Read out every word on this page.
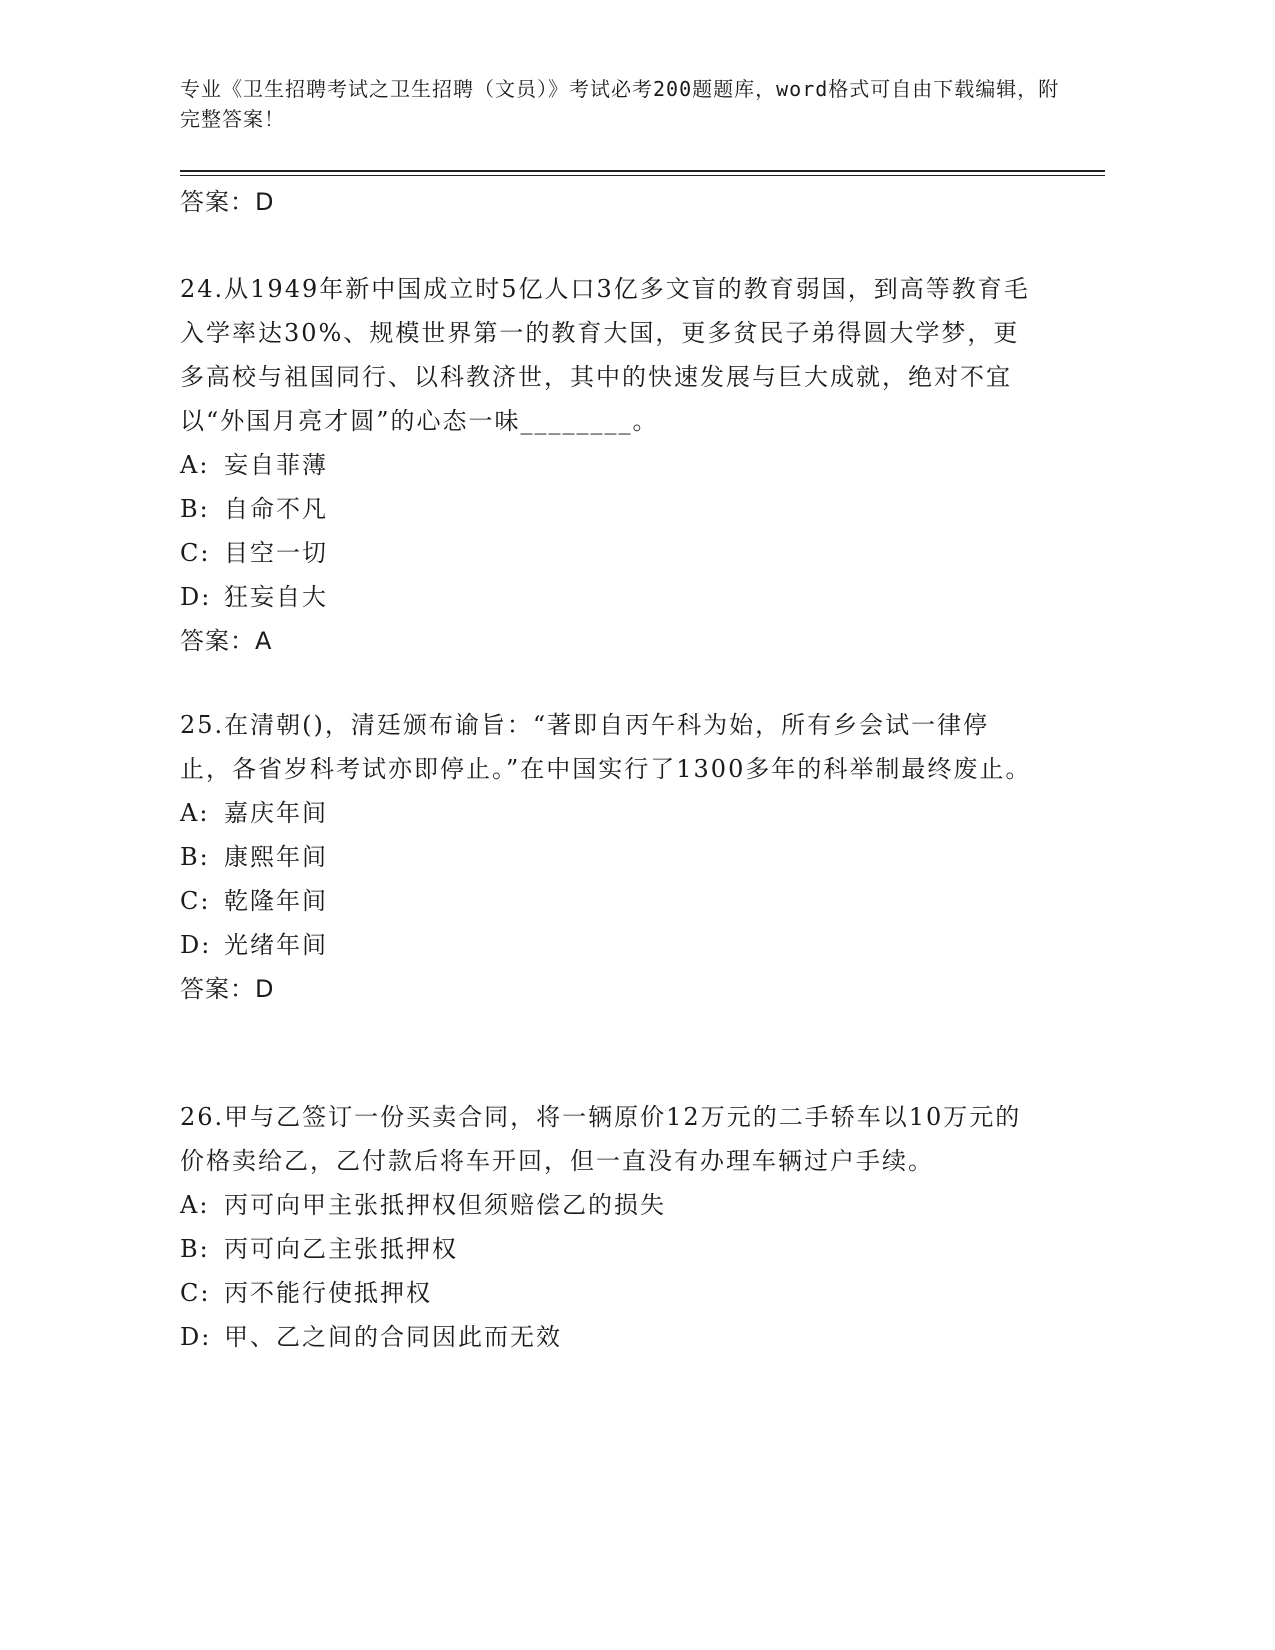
专业《卫生招聘考试之卫生招聘（文员）》考试必考200题题库，word格式可自由下载编辑，附完整答案！
答案：D

24.从1949年新中国成立时5亿人口3亿多文盲的教育弱国，到高等教育毛入学率达30%、规模世界第一的教育大国，更多贫民子弟得圆大学梦，更多高校与祖国同行、以科教济世，其中的快速发展与巨大成就，绝对不宜以“外国月亮才圆”的心态一味________。

A: 妄自菲薄
B: 自命不凡
C: 目空一切
D: 狂妄自大
答案：A

25.在清朝()，清廷颁布谕旨：“著即自丙午科为始，所有乡会试一律停止，各省岁科考试亦即停止。”在中国实行了1300多年的科举制最终废止。

A: 嘉庆年间
B: 康熙年间
C: 乾隆年间
D: 光绪年间
答案：D

26.甲与乙签订一份买卖合同，将一辆原价12万元的二手轿车以10万元的价格卖给乙，乙付款后将车开回，但一直没有办理车辆过户手续。

A: 丙可向甲主张抵押权但须赔偿乙的损失
B: 丙可向乙主张抵押权
C: 丙不能行使抵押权
D: 甲、乙之间的合同因此而无效
